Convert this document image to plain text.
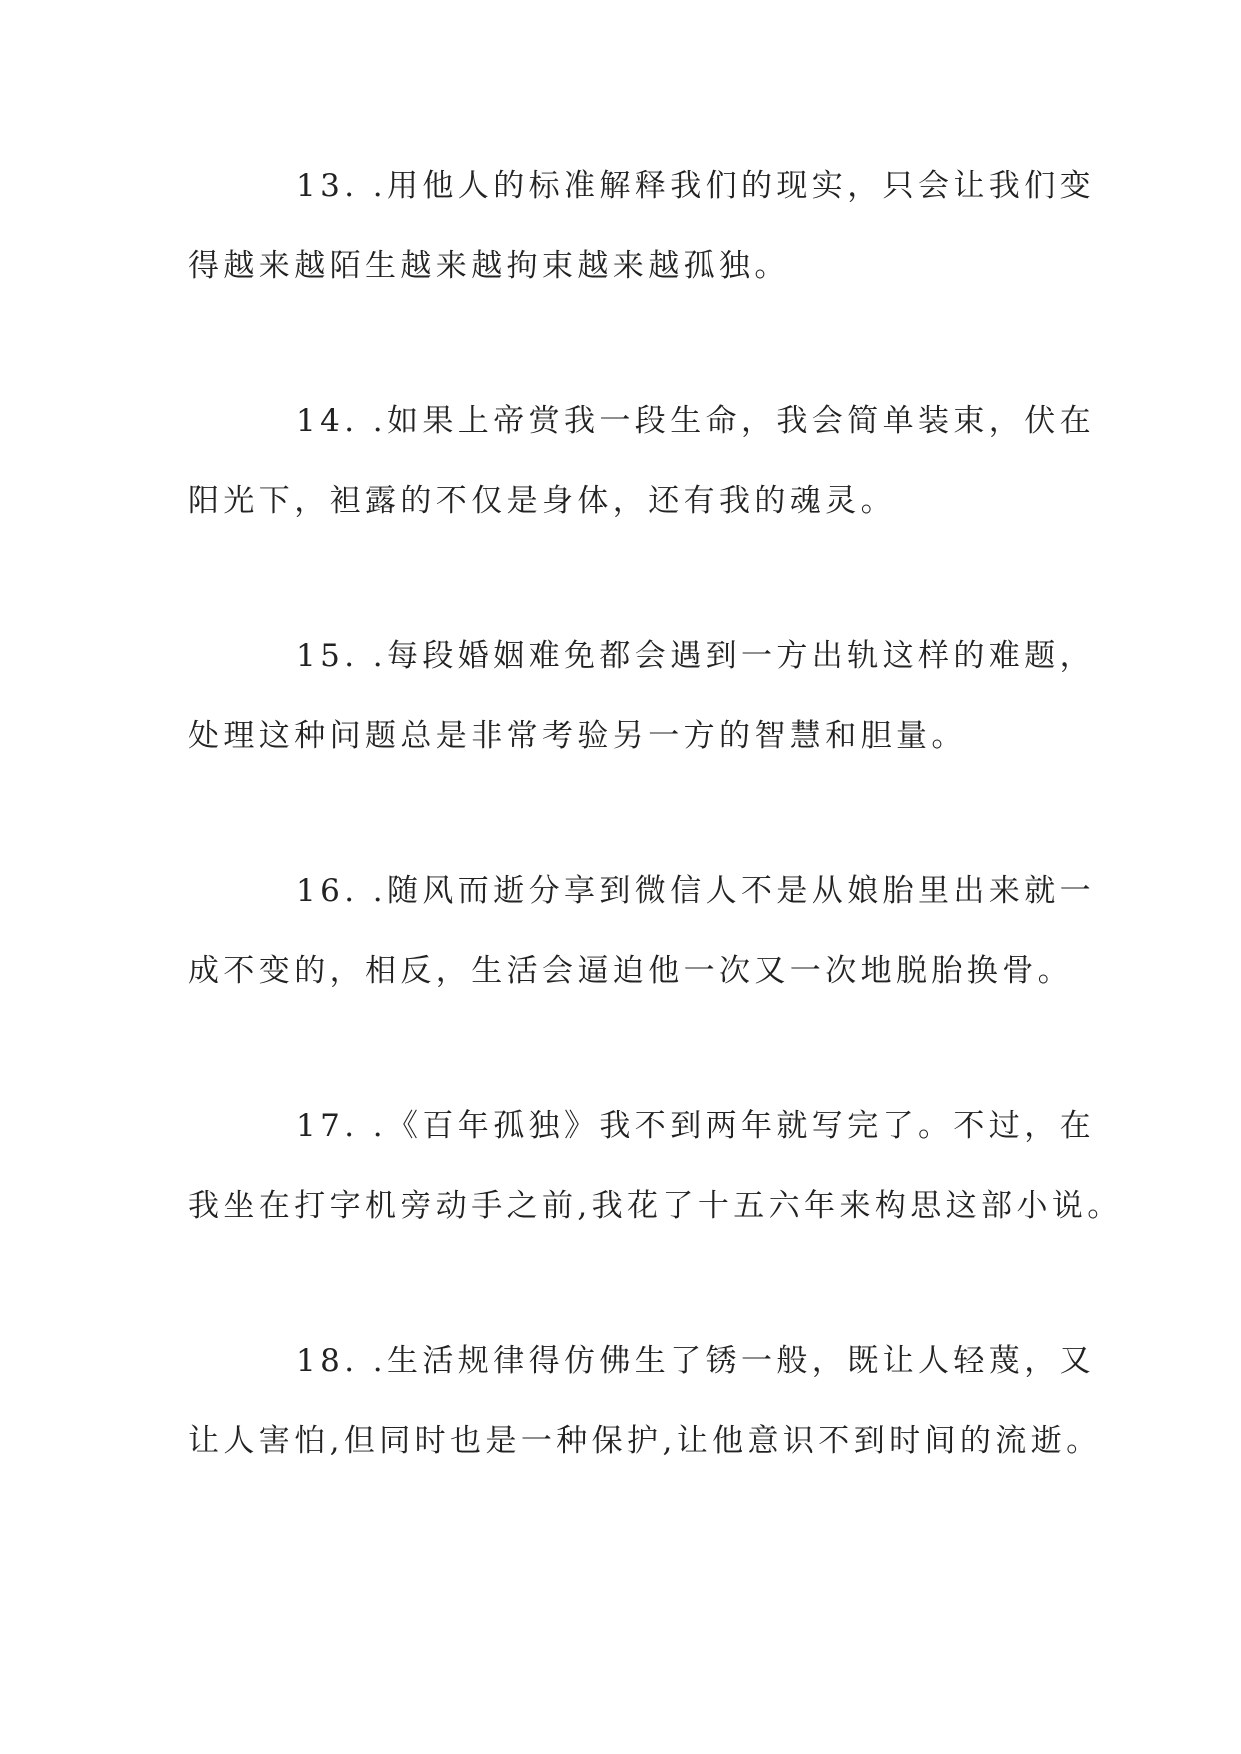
13. .用他人的标准解释我们的现实，只会让我们变
得越来越陌生越来越拘束越来越孤独。

14. .如果上帝赏我一段生命，我会简单装束，伏在
阳光下，袒露的不仅是身体，还有我的魂灵。

15. .每段婚姻难免都会遇到一方出轨这样的难题，
处理这种问题总是非常考验另一方的智慧和胆量。

16. .随风而逝分享到微信人不是从娘胎里出来就一
成不变的，相反，生活会逼迫他一次又一次地脱胎换骨。

17. .《百年孤独》我不到两年就写完了。不过，在
我坐在打字机旁动手之前,我花了十五六年来构思这部小说。

18. .生活规律得仿佛生了锈一般，既让人轻蔑，又
让人害怕,但同时也是一种保护,让他意识不到时间的流逝。
